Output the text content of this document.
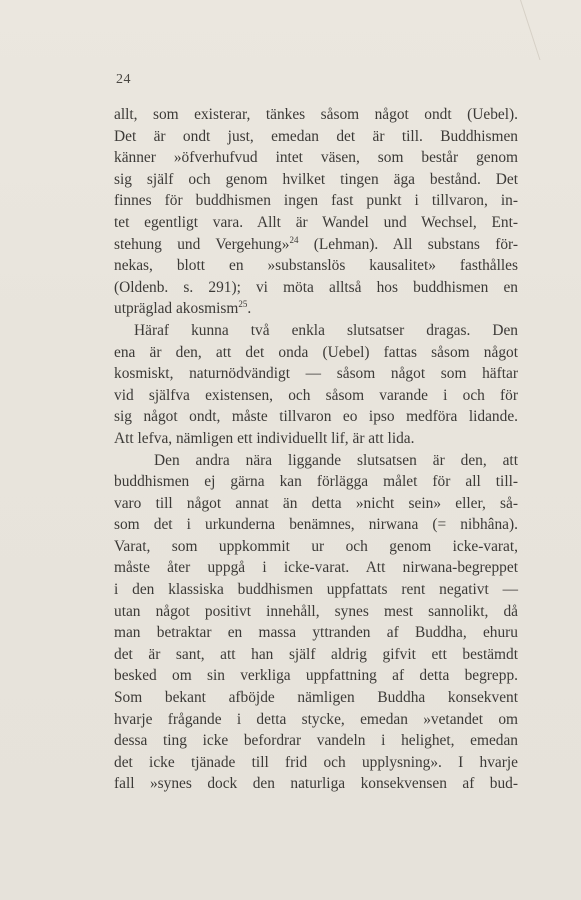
24
allt, som existerar, tänkes såsom något ondt (Uebel).
Det är ondt just, emedan det är till. Buddhismen
känner »öfverhufvud intet väsen, som består genom
sig själf och genom hvilket tingen äga bestånd. Det
finnes för buddhismen ingen fast punkt i tillvaron, in-
tet egentligt vara. Allt är Wandel und Wechsel, Ent-
stehung und Vergehung»$^{24}$ (Lehman). All substans för-
nekas, blott en »substanslös kausalitet» fasthålles
(Oldenb. s. 291); vi möta alltså hos buddhismen en
utpräglad akosmism$^{25}$.
Häraf kunna två enkla slutsatser dragas. Den
ena är den, att det onda (Uebel) fattas såsom något
kosmiskt, naturnödvändigt — såsom något som häftar
vid själfva existensen, och såsom varande i och för
sig något ondt, måste tillvaron eo ipso medföra lidande.
Att lefva, nämligen ett individuellt lif, är att lida.
Den andra nära liggande slutsatsen är den, att
buddhismen ej gärna kan förlägga målet för all till-
varo till något annat än detta »nicht sein» eller, så-
som det i urkunderna benämnes, nirwana (= nibhâna).
Varat, som uppkommit ur och genom icke-varat,
måste åter uppgå i icke-varat. Att nirwana-begreppet
i den klassiska buddhismen uppfattats rent negativt —
utan något positivt innehåll, synes mest sannolikt, då
man betraktar en massa yttranden af Buddha, ehuru
det är sant, att han själf aldrig gifvit ett bestämdt
besked om sin verkliga uppfattning af detta begrepp.
Som bekant afböjde nämligen Buddha konsekvent
hvarje frågande i detta stycke, emedan »vetandet om
dessa ting icke befordrar vandeln i helighet, emedan
det icke tjänade till frid och upplysning». I hvarje
fall »synes dock den naturliga konsekvensen af bud-
